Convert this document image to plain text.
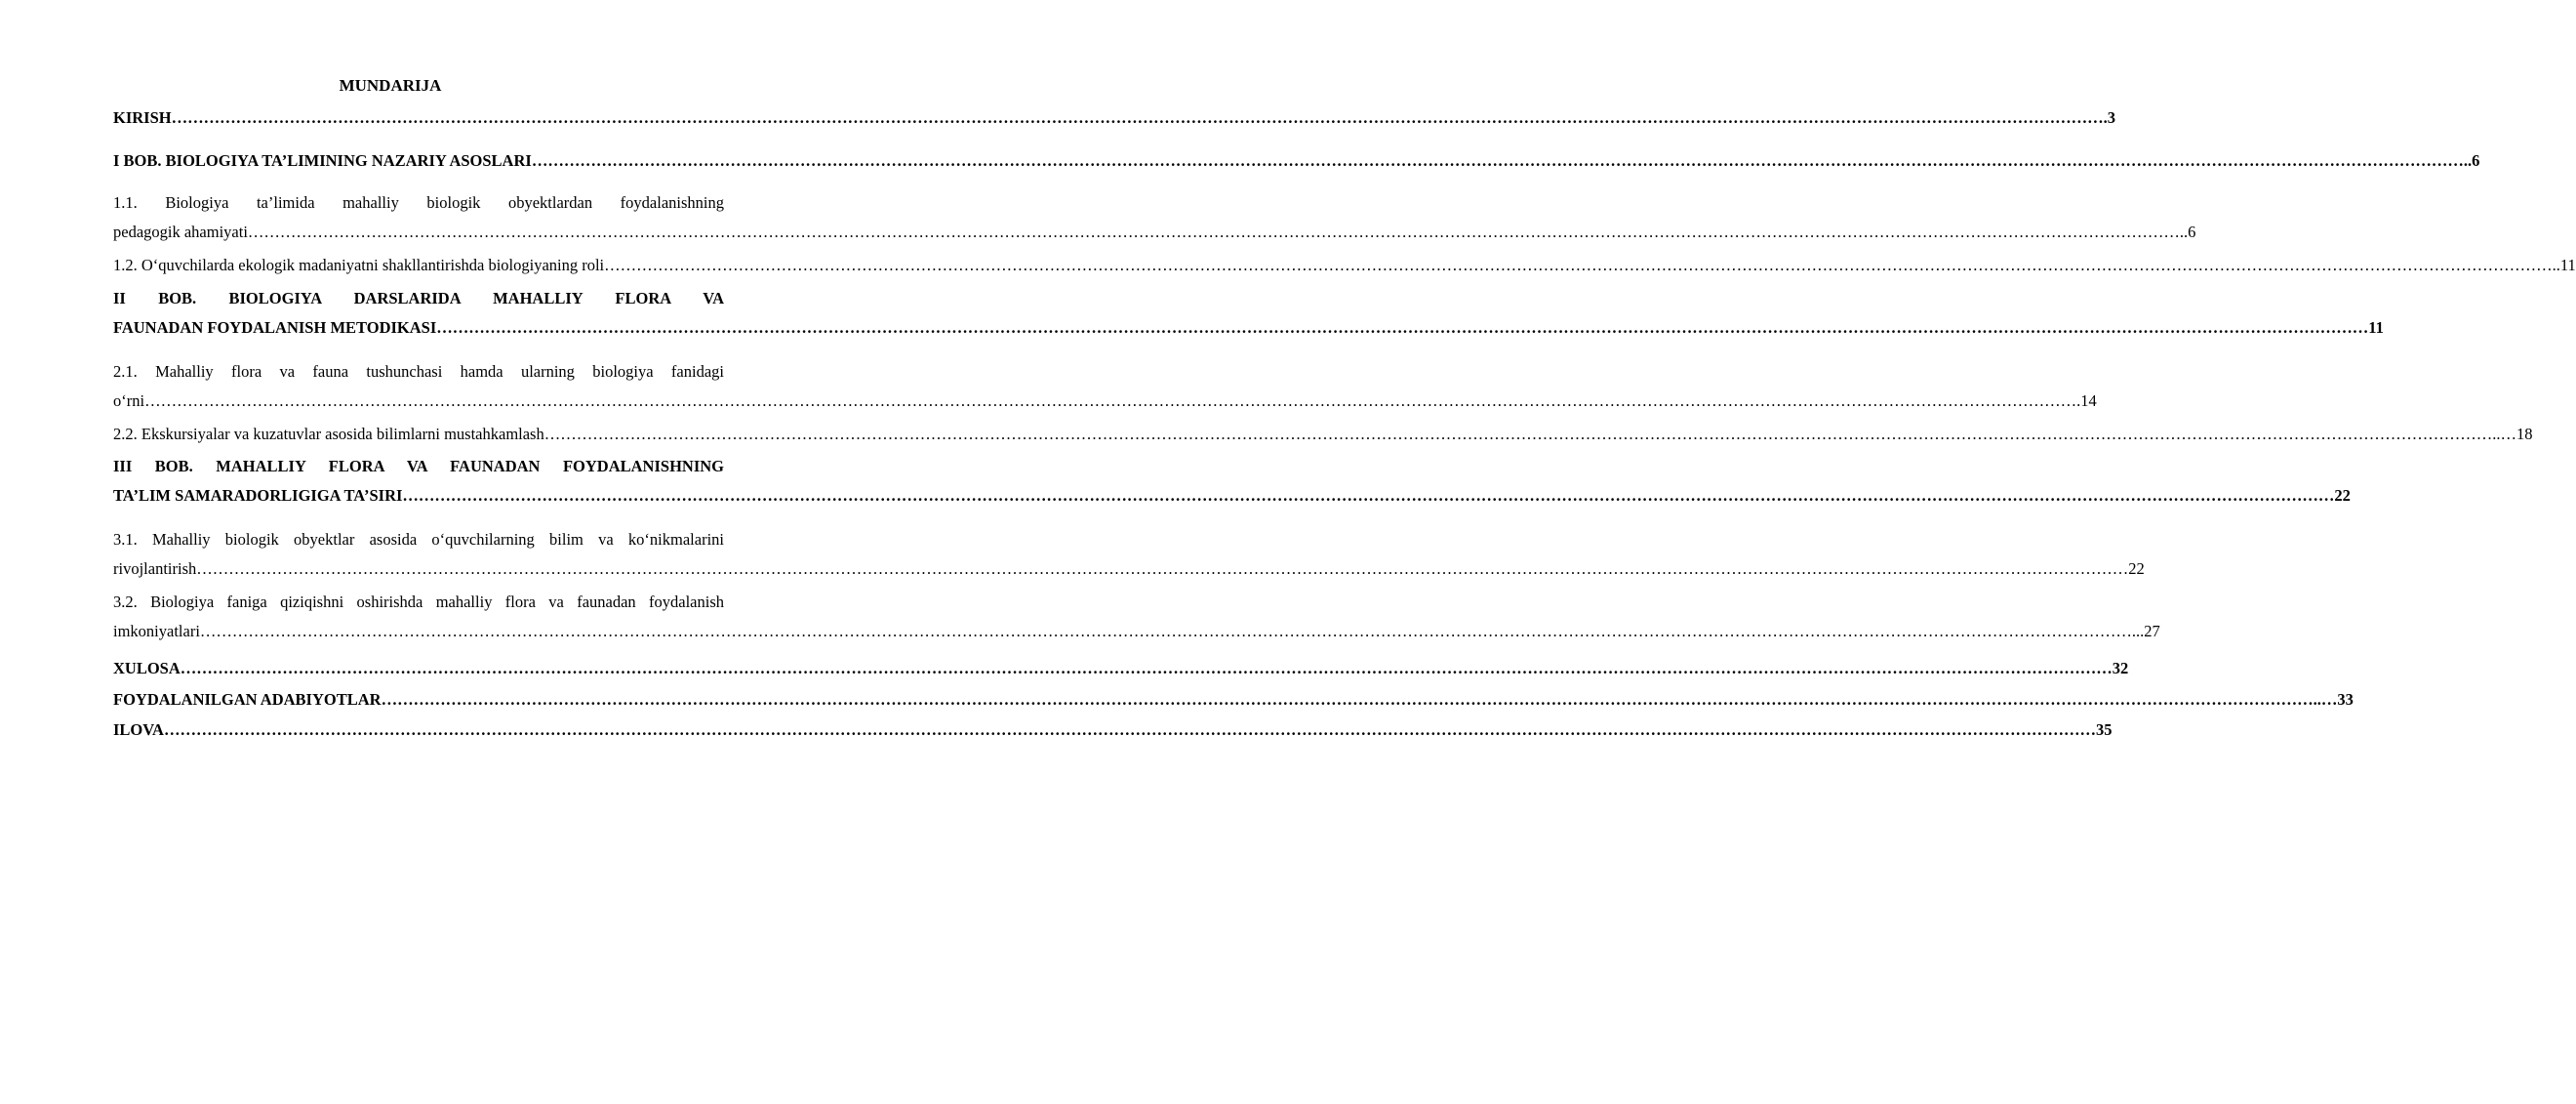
MUNDARIJA
KIRISH ……………………………………………………………………………………………………………………………………………………………………………………………………………………………………………………………………………………………………………………………… .3
I BOB. BIOLOGIYA TA’LIMINING NAZARIY ASOSLARI ……………………………………………………………………………………………………………………………………………………………………………………………………………………………………………………………………………………………………………………………… ..6
1.1. Biologiya ta’limida mahalliy biologik obyektlardan foydalanishning
pedagogik ahamiyati ……………………………………………………………………………………………………………………………………………………………………………………………………………………………………………………………………………………………………………………………… ..6
1.2. O‘quvchilarda ekologik madaniyatni shakllantirishda biologiyaning roli ……………………………………………………………………………………………………………………………………………………………………………………………………………………………………………………………………………………………………………………………… …..11
II BOB. BIOLOGIYA DARSLARIDA MAHALLIY FLORA VA
FAUNADAN FOYDALANISH METODIKASI ……………………………………………………………………………………………………………………………………………………………………………………………………………………………………………………………………………………………………………………………… 11
2.1. Mahalliy flora va fauna tushunchasi hamda ularning biologiya fanidagi
o‘rni ……………………………………………………………………………………………………………………………………………………………………………………………………………………………………………………………………………………………………………………………… .14
2.2. Ekskursiyalar va kuzatuvlar asosida bilimlarni mustahkamlash ……………………………………………………………………………………………………………………………………………………………………………………………………………………………………………………………………………………………………………………………… …..…18
III BOB. MAHALLIY FLORA VA FAUNADAN FOYDALANISHNING
TA’LIM SAMARADORLIGIGA TA’SIRI ……………………………………………………………………………………………………………………………………………………………………………………………………………………………………………………………………………………………………………………………… 22
3.1. Mahalliy biologik obyektlar asosida o‘quvchilarning bilim va ko‘nikmalarini
rivojlantirish ……………………………………………………………………………………………………………………………………………………………………………………………………………………………………………………………………………………………………………………………… 22
3.2. Biologiya faniga qiziqishni oshirishda mahalliy flora va faunadan foydalanish
imkoniyatlari ……………………………………………………………………………………………………………………………………………………………………………………………………………………………………………………………………………………………………………………………… ...27
XULOSA ……………………………………………………………………………………………………………………………………………………………………………………………………………………………………………………………………………………………………………………………… 32
FOYDALANILGAN ADABIYOTLAR ……………………………………………………………………………………………………………………………………………………………………………………………………………………………………………………………………………………………………………………………… ..…33
ILOVA ……………………………………………………………………………………………………………………………………………………………………………………………………………………………………………………………………………………………………………………………… 35
